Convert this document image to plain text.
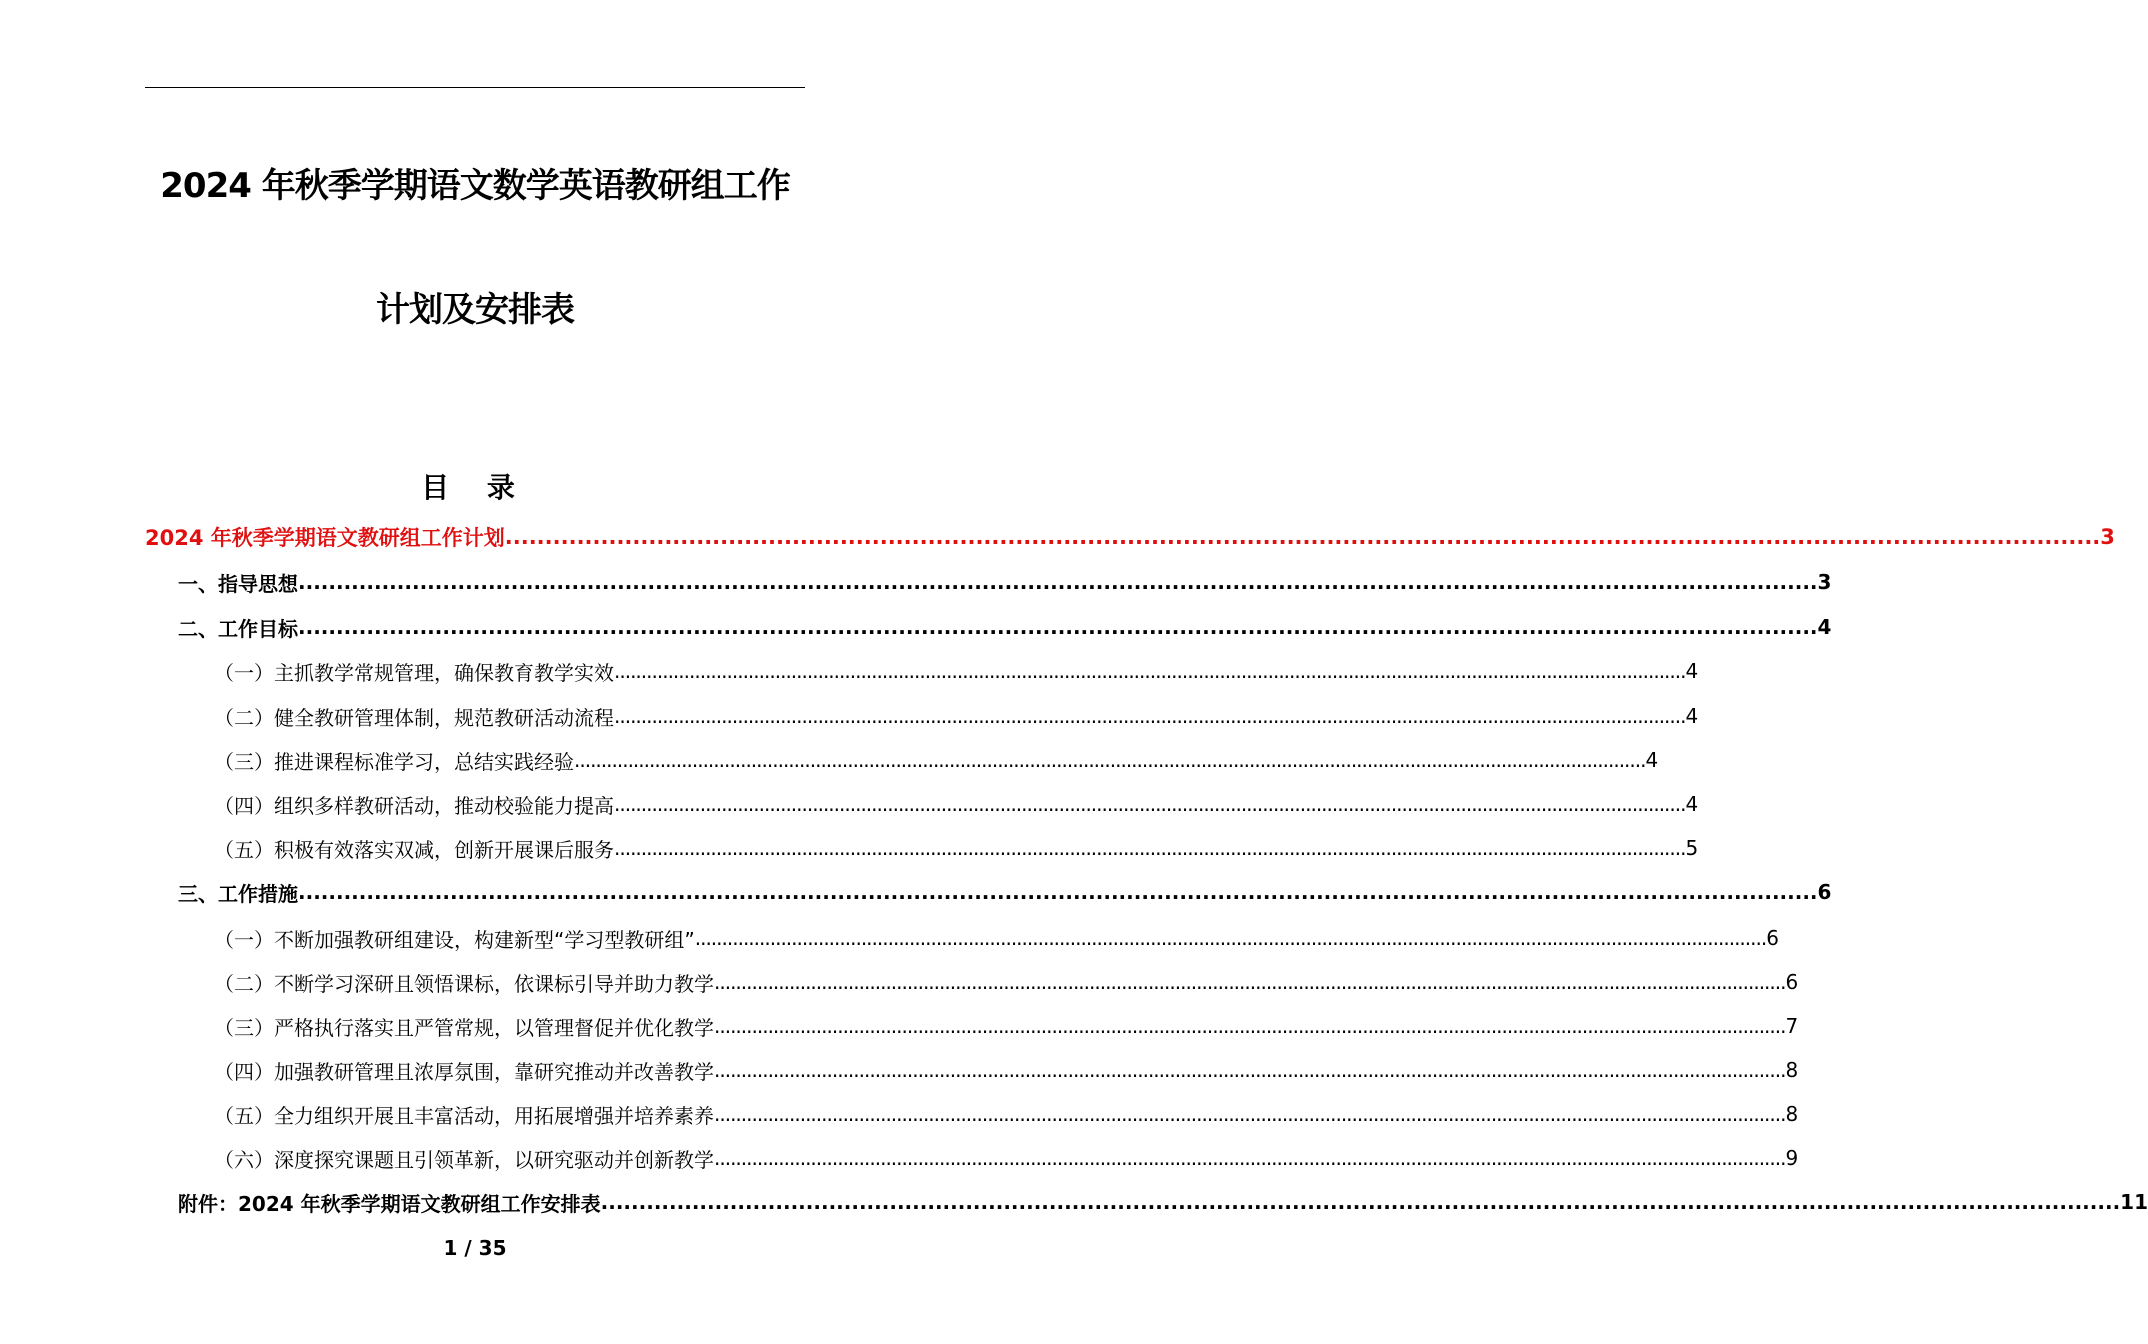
2024 年秋季学期语文数学英语教研组工作
计划及安排表
目 录
2024 年秋季学期语文教研组工作计划 ........................................................................................................................................................................................................ 3
一、指导思想 ........................................................................................................................................................................................................ 3
二、工作目标 ........................................................................................................................................................................................................ 4
（一）主抓教学常规管理，确保教育教学实效 ........................................................................................................................................................................................................ 4
（二）健全教研管理体制，规范教研活动流程 ........................................................................................................................................................................................................ 4
（三）推进课程标准学习，总结实践经验 ........................................................................................................................................................................................................ 4
（四）组织多样教研活动，推动校验能力提高 ........................................................................................................................................................................................................ 4
（五）积极有效落实双减，创新开展课后服务 ........................................................................................................................................................................................................ 5
三、工作措施 ........................................................................................................................................................................................................ 6
（一）不断加强教研组建设，构建新型“学习型教研组” ........................................................................................................................................................................................................ 6
（二）不断学习深研且领悟课标，依课标引导并助力教学 ........................................................................................................................................................................................................ 6
（三）严格执行落实且严管常规，以管理督促并优化教学 ........................................................................................................................................................................................................ 7
（四）加强教研管理且浓厚氛围，靠研究推动并改善教学 ........................................................................................................................................................................................................ 8
（五）全力组织开展且丰富活动，用拓展增强并培养素养 ........................................................................................................................................................................................................ 8
（六）深度探究课题且引领革新，以研究驱动并创新教学 ........................................................................................................................................................................................................ 9
附件：2024 年秋季学期语文教研组工作安排表 ........................................................................................................................................................................................................ 11
1 / 35
